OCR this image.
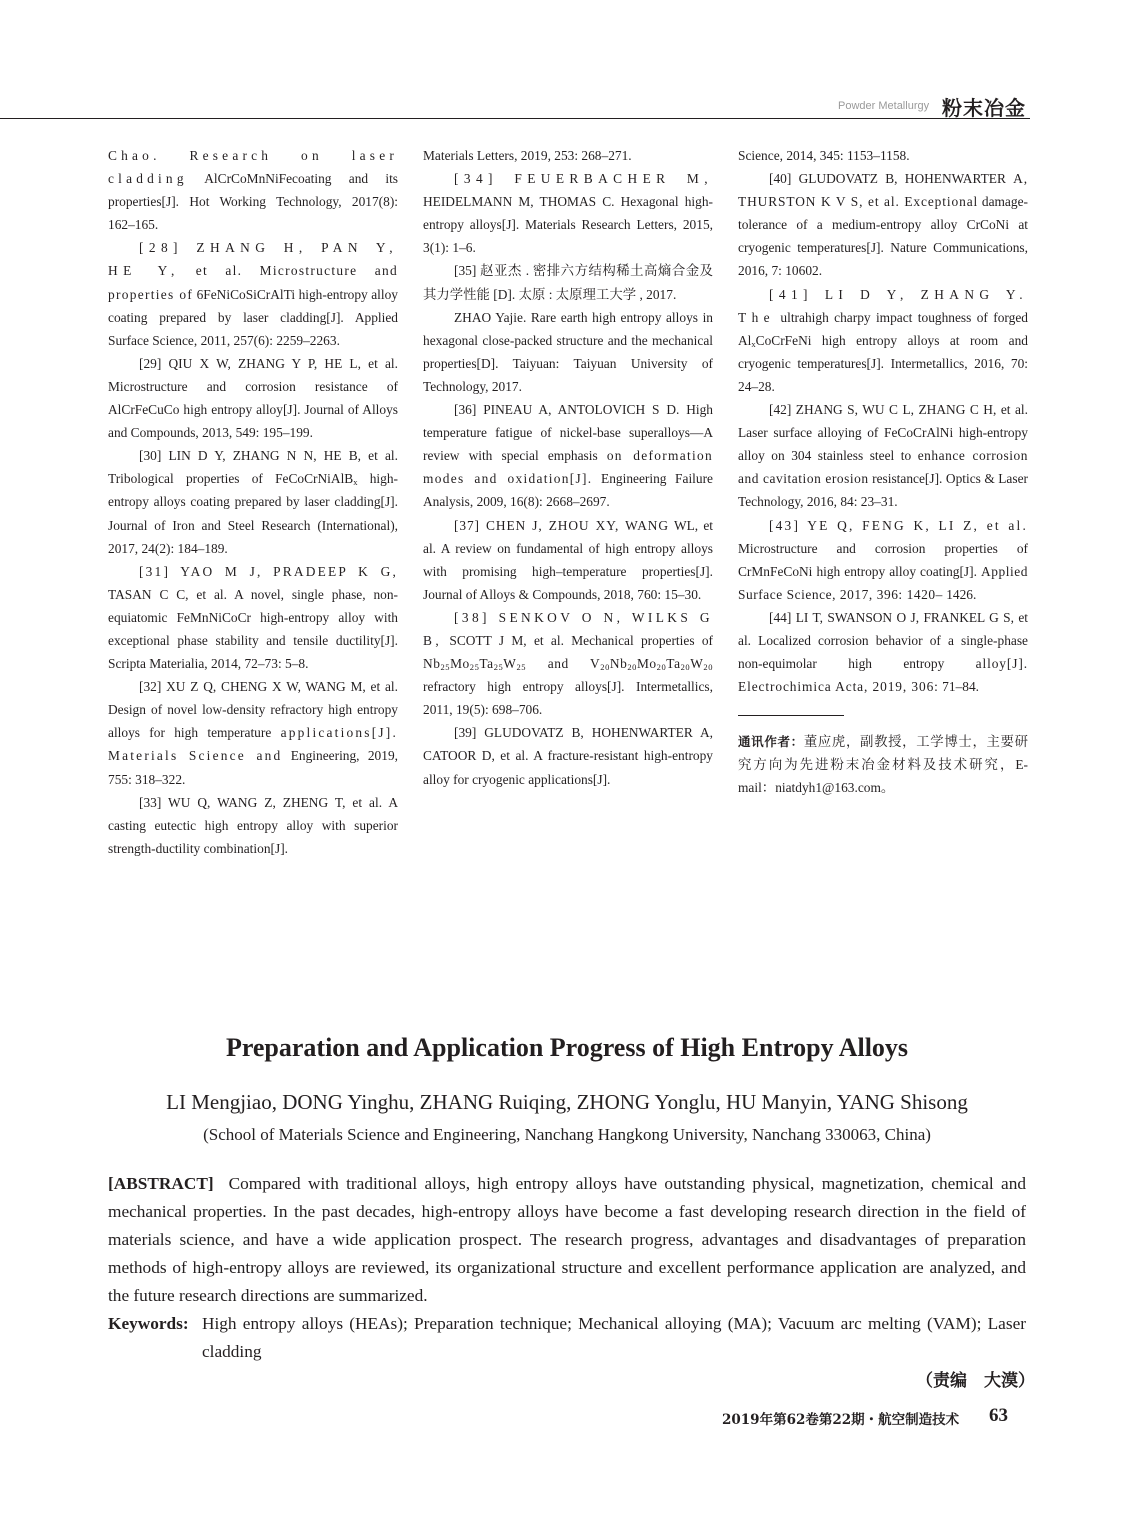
Powder Metallurgy 粉末冶金

Chao. Research on laser cladding AlCrCoMnNiFecoating and its properties[J]. Hot Working Technology, 2017(8): 162–165.

[28] ZHANG H, PAN Y, HE Y, et al. Microstructure and properties of 6FeNiCoSiCrAlTi high-entropy alloy coating prepared by laser cladding[J]. Applied Surface Science, 2011, 257(6): 2259–2263.

[29] QIU X W, ZHANG Y P, HE L, et al. Microstructure and corrosion resistance of AlCrFeCuCo high entropy alloy[J]. Journal of Alloys and Compounds, 2013, 549: 195–199.

[30] LIN D Y, ZHANG N N, HE B, et al. Tribological properties of FeCoCrNiAlB$_x$ high-entropy alloys coating prepared by laser cladding[J]. Journal of Iron and Steel Research (International), 2017, 24(2): 184–189.

[31] YAO M J, PRADEEP K G, TASAN C C, et al. A novel, single phase, non-equiatomic FeMnNiCoCr high-entropy alloy with exceptional phase stability and tensile ductility[J]. Scripta Materialia, 2014, 72–73: 5–8.

[32] XU Z Q, CHENG X W, WANG M, et al. Design of novel low-density refractory high entropy alloys for high temperature applications[J]. Materials Science and Engineering, 2019, 755: 318–322.

[33] WU Q, WANG Z, ZHENG T, et al. A casting eutectic high entropy alloy with superior strength-ductility combination[J].

Materials Letters, 2019, 253: 268–271.

[34] FEUERBACHER M, HEIDELMANN M, THOMAS C. Hexagonal high-entropy alloys[J]. Materials Research Letters, 2015, 3(1): 1–6.

[35] 赵亚杰 . 密排六方结构稀土高熵合金及其力学性能 [D]. 太原 : 太原理工大学 , 2017.

ZHAO Yajie. Rare earth high entropy alloys in hexagonal close-packed structure and the mechanical properties[D]. Taiyuan: Taiyuan University of Technology, 2017.

[36] PINEAU A, ANTOLOVICH S D. High temperature fatigue of nickel-base superalloys—A review with special emphasis on deformation modes and oxidation[J]. Engineering Failure Analysis, 2009, 16(8): 2668–2697.

[37] CHEN J, ZHOU XY, WANG WL, et al. A review on fundamental of high entropy alloys with promising high–temperature properties[J]. Journal of Alloys & Compounds, 2018, 760: 15–30.

[38] SENKOV O N, WILKS G B, SCOTT J M, et al. Mechanical properties of $Nb_{25}Mo_{25}Ta_{25}W_{25}$ and $V_{20}Nb_{20}Mo_{20}Ta_{20}W_{20}$ refractory high entropy alloys[J]. Intermetallics, 2011, 19(5): 698–706.

[39] GLUDOVATZ B, HOHENWARTER A, CATOOR D, et al. A fracture-resistant high-entropy alloy for cryogenic applications[J].

Science, 2014, 345: 1153–1158.

[40] GLUDOVATZ B, HOHENWARTER A, THURSTON K V S, et al. Exceptional damage-tolerance of a medium-entropy alloy CrCoNi at cryogenic temperatures[J]. Nature Communications, 2016, 7: 10602.

[41] LI D Y, ZHANG Y. The ultrahigh charpy impact toughness of forged $Al_xCoCrFeNi$ high entropy alloys at room and cryogenic temperatures[J]. Intermetallics, 2016, 70: 24–28.

[42] ZHANG S, WU C L, ZHANG C H, et al. Laser surface alloying of FeCoCrAlNi high-entropy alloy on 304 stainless steel to enhance corrosion and cavitation erosion resistance[J]. Optics & Laser Technology, 2016, 84: 23–31.

[43] YE Q, FENG K, LI Z, et al. Microstructure and corrosion properties of CrMnFeCoNi high entropy alloy coating[J]. Applied Surface Science, 2017, 396: 1420– 1426.

[44] LI T, SWANSON O J, FRANKEL G S, et al. Localized corrosion behavior of a single-phase non-equimolar high entropy alloy[J]. Electrochimica Acta, 2019, 306: 71–84.

通讯作者：董应虎，副教授，工学博士，主要研究方向为先进粉末冶金材料及技术研究，E-mail：niatdyh1@163.com。

Preparation and Application Progress of High Entropy Alloys
LI Mengjiao, DONG Yinghu, ZHANG Ruiqing, ZHONG Yonglu, HU Manyin, YANG Shisong
(School of Materials Science and Engineering, Nanchang Hangkong University, Nanchang 330063, China)

[ABSTRACT] Compared with traditional alloys, high entropy alloys have outstanding physical, magnetization, chemical and mechanical properties. In the past decades, high-entropy alloys have become a fast developing research direction in the field of materials science, and have a wide application prospect. The research progress, advantages and disadvantages of preparation methods of high-entropy alloys are reviewed, its organizational structure and excellent performance application are analyzed, and the future research directions are summarized.

Keywords: High entropy alloys (HEAs); Preparation technique; Mechanical alloying (MA); Vacuum arc melting (VAM); Laser cladding
（责编　大漠）
2019年第62卷第22期・航空制造技术 63
